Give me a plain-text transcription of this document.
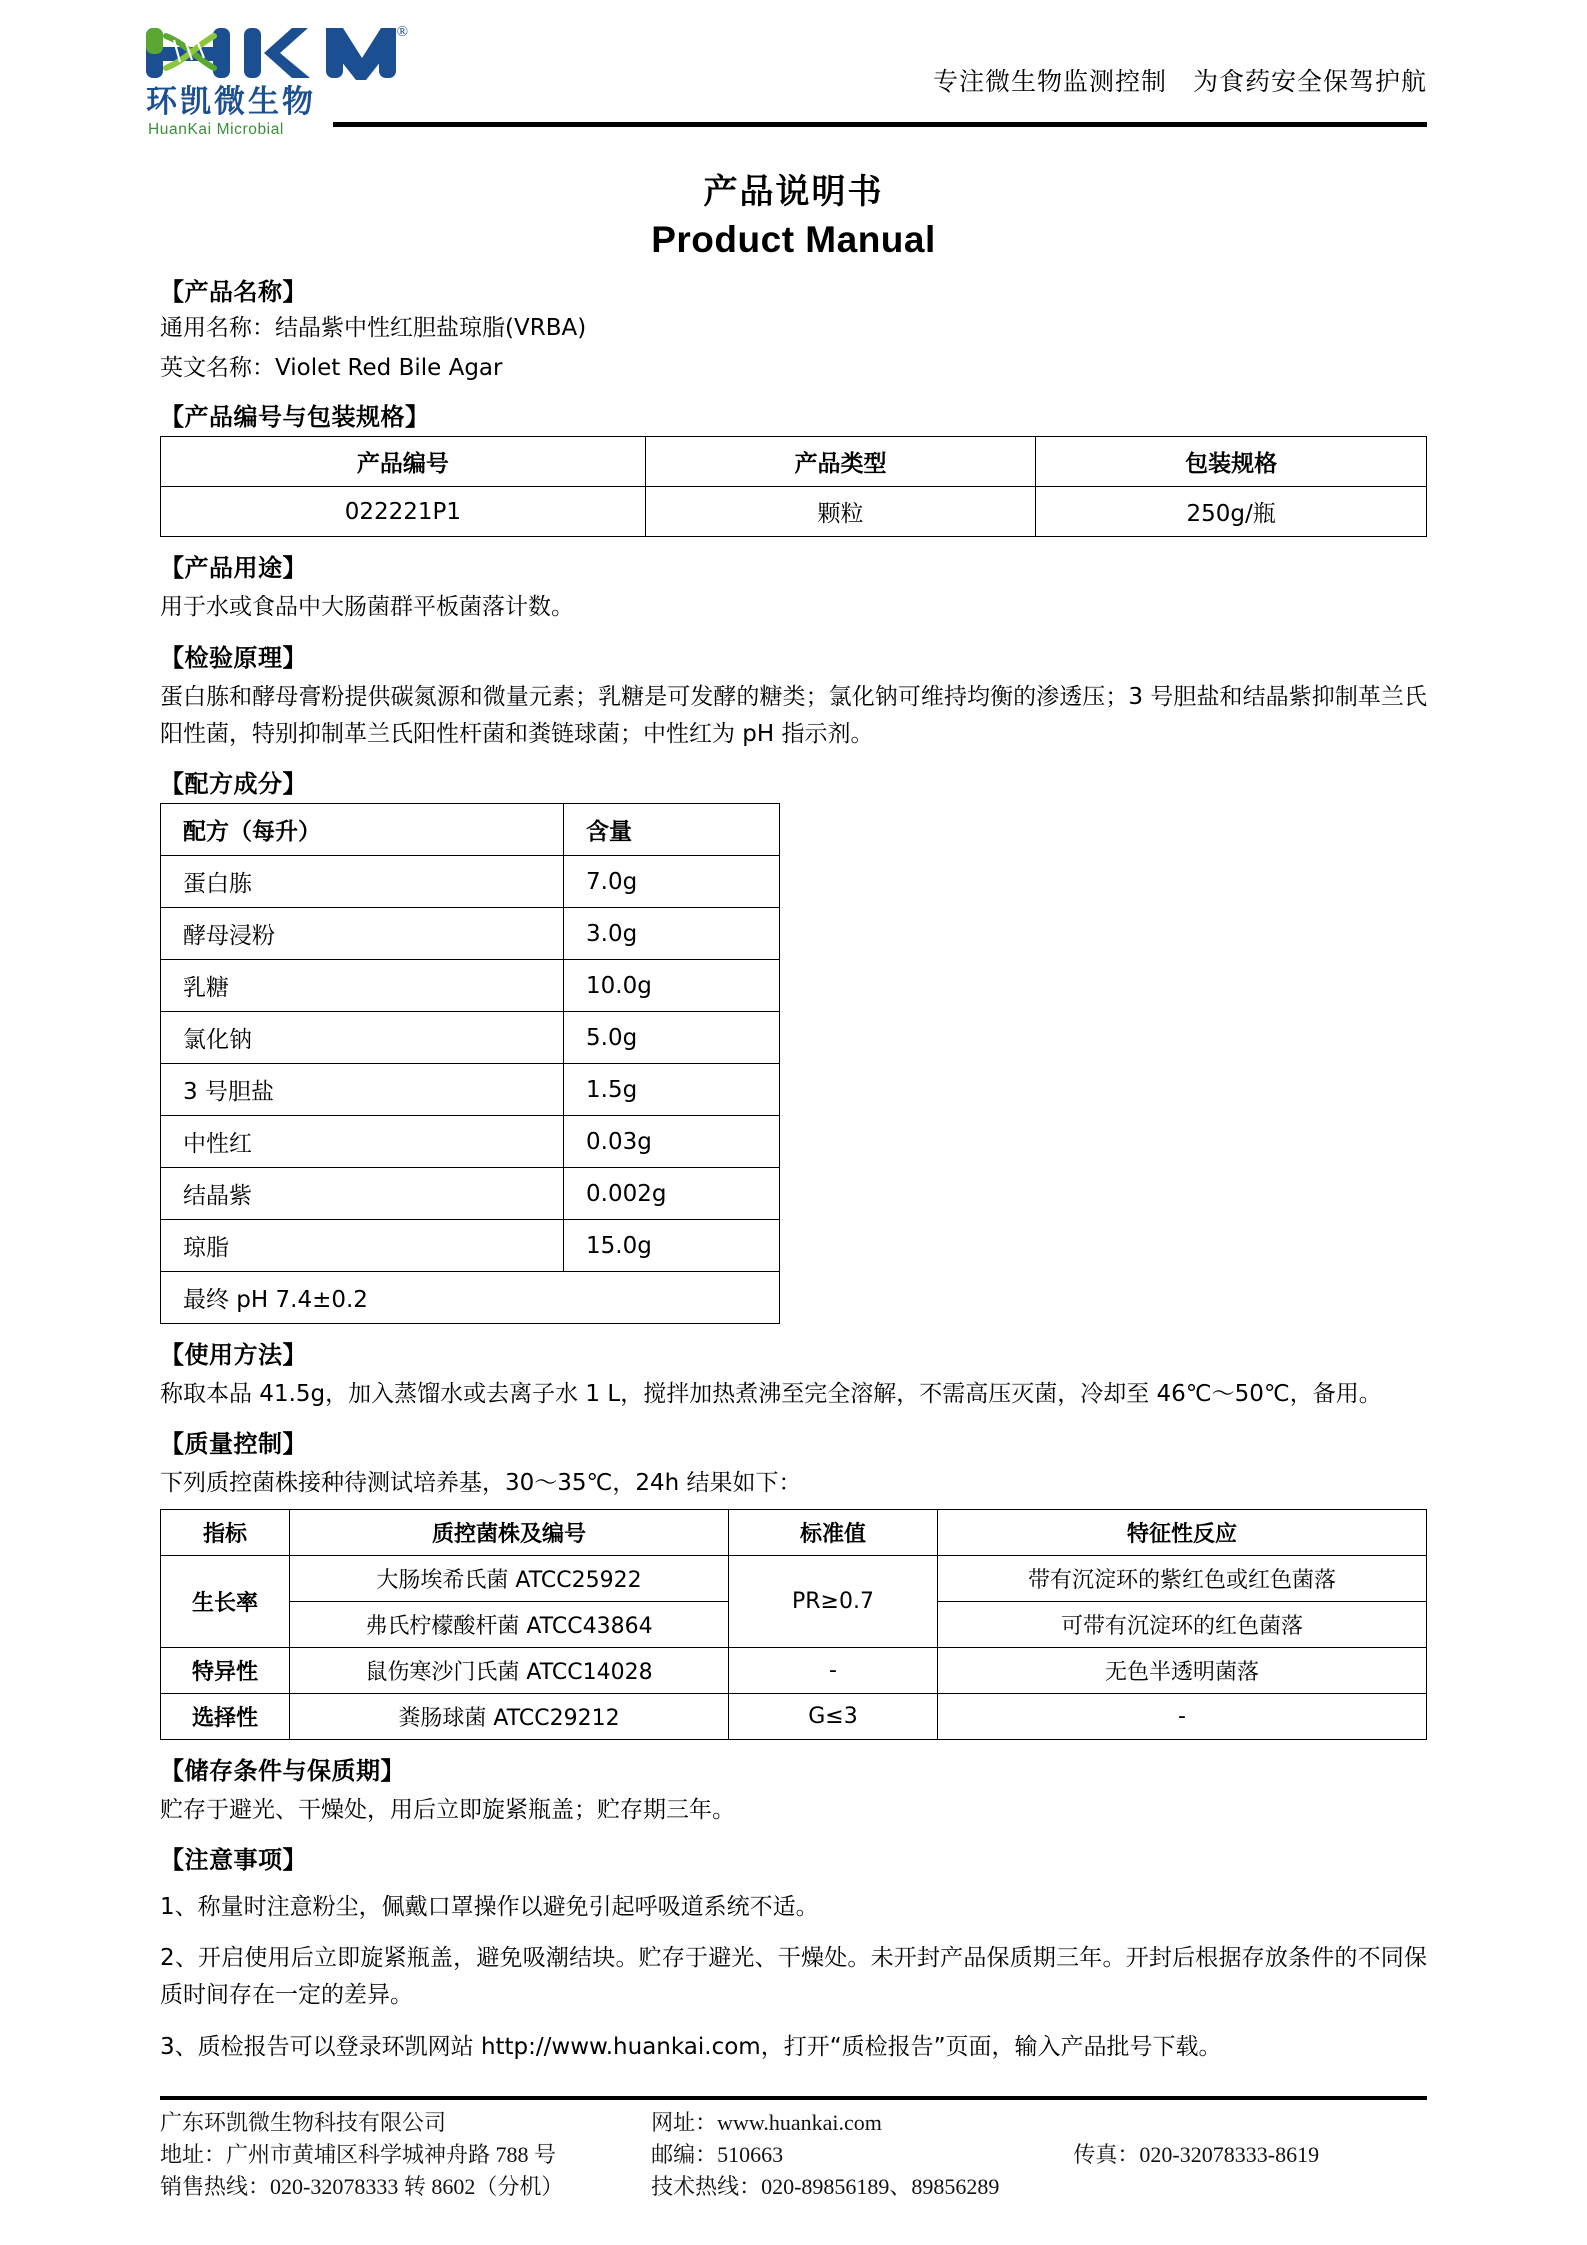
®
环凯微生物
HuanKai Microbial
专注微生物监测控制　为食药安全保驾护航
产品说明书
Product Manual
【产品名称】
通用名称：结晶紫中性红胆盐琼脂(VRBA)
英文名称：Violet Red Bile Agar
【产品编号与包装规格】
产品编号	产品类型	包装规格
022221P1	颗粒	250g/瓶
【产品用途】
用于水或食品中大肠菌群平板菌落计数。
【检验原理】
蛋白胨和酵母膏粉提供碳氮源和微量元素；乳糖是可发酵的糖类；氯化钠可维持均衡的渗透压；3 号胆盐和结晶紫抑制革兰氏阳性菌，特别抑制革兰氏阳性杆菌和粪链球菌；中性红为 pH 指示剂。
【配方成分】
配方（每升）	含量
蛋白胨	7.0g
酵母浸粉	3.0g
乳糖	10.0g
氯化钠	5.0g
3 号胆盐	1.5g
中性红	0.03g
结晶紫	0.002g
琼脂	15.0g
最终 pH 7.4±0.2	
【使用方法】
称取本品 41.5g，加入蒸馏水或去离子水 1 L，搅拌加热煮沸至完全溶解，不需高压灭菌，冷却至 46℃～50℃，备用。
【质量控制】
下列质控菌株接种待测试培养基，30～35℃，24h 结果如下：
指标	质控菌株及编号	标准值	特征性反应
生长率	大肠埃希氏菌 ATCC25922	PR≥0.7	带有沉淀环的紫红色或红色菌落
	弗氏柠檬酸杆菌 ATCC43864		可带有沉淀环的红色菌落
特异性	鼠伤寒沙门氏菌 ATCC14028	-	无色半透明菌落
选择性	粪肠球菌 ATCC29212	G≤3	-
【储存条件与保质期】
贮存于避光、干燥处，用后立即旋紧瓶盖；贮存期三年。
【注意事项】
1、称量时注意粉尘，佩戴口罩操作以避免引起呼吸道系统不适。
2、开启使用后立即旋紧瓶盖，避免吸潮结块。贮存于避光、干燥处。未开封产品保质期三年。开封后根据存放条件的不同保质时间存在一定的差异。
3、质检报告可以登录环凯网站 http://www.huankai.com，打开“质检报告”页面，输入产品批号下载。
广东环凯微生物科技有限公司
地址：广州市黄埔区科学城神舟路 788 号
销售热线：020-32078333 转 8602（分机）
网址：www.huankai.com
邮编：510663
技术热线：020-89856189、89856289
传真：020-32078333-8619
